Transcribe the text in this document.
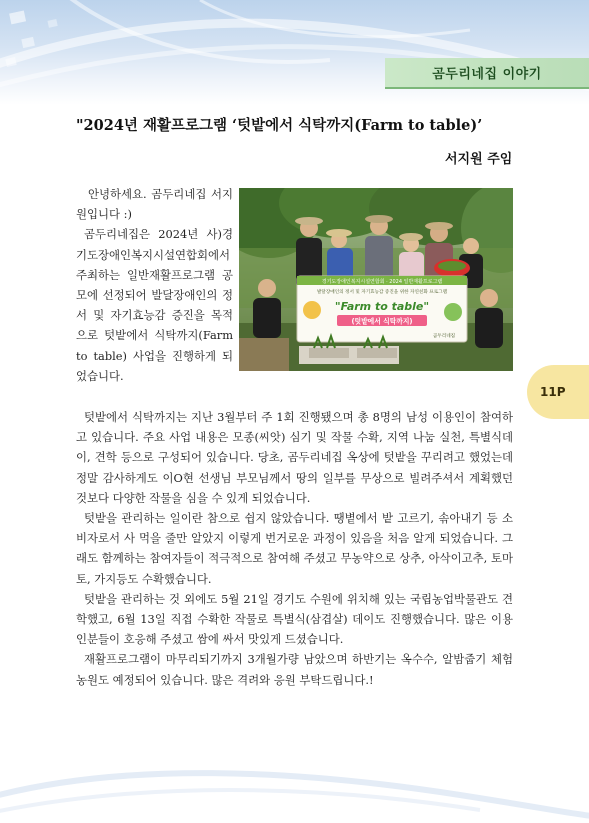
곰두리네집 이야기
"2024년 재활프로그램 ‘텃밭에서 식탁까지(Farm to table)’
서지원 주임

안녕하세요. 곰두리네집 서지원입니다 :)

곰두리네집은 2024년 사)경기도장애인복지시설연합회에서 주최하는 일반재활프로그램 공모에 선정되어 발달장애인의 정서 및 자기효능감 증진을 목적으로 텃밭에서 식탁까지(Farm to table) 사업을 진행하게 되었습니다.

경기도장애인복지시설연합회 · 2024 일반재활프로그램
발달장애인의 정서 및 자기효능감 증진을 위한 자연친화 프로그램
"Farm to table"
(텃밭에서 식탁까지)
곰두리네집

텃밭에서 식탁까지는 지난 3월부터 주 1회 진행됐으며 총 8명의 남성 이용인이 참여하고 있습니다. 주요 사업 내용은 모종(씨앗) 심기 및 작물 수확, 지역 나눔 실천, 특별식데이, 견학 등으로 구성되어 있습니다. 당초, 곰두리네집 옥상에 텃밭을 꾸리려고 했었는데 정말 감사하게도 이O현 선생님 부모님께서 땅의 일부를 무상으로 빌려주셔서 계획했던 것보다 다양한 작물을 심을 수 있게 되었습니다.

텃밭을 관리하는 일이란 참으로 쉽지 않았습니다. 땡볕에서 밭 고르기, 솎아내기 등 소비자로서 사 먹을 줄만 알았지 이렇게 번거로운 과정이 있음을 처음 알게 되었습니다. 그래도 함께하는 참여자들이 적극적으로 참여해 주셨고 무농약으로 상추, 아삭이고추, 토마토, 가지등도 수확했습니다.

텃밭을 관리하는 것 외에도 5월 21일 경기도 수원에 위치해 있는 국립농업박물관도 견학했고, 6월 13일 직접 수확한 작물로 특별식(삼겹살) 데이도 진행했습니다. 많은 이용인분들이 호응해 주셨고 쌈에 싸서 맛있게 드셨습니다.

재활프로그램이 마무리되기까지 3개월가량 남았으며 하반기는 옥수수, 알밤줍기 체험농원도 예정되어 있습니다. 많은 격려와 응원 부탁드립니다.!

11P
